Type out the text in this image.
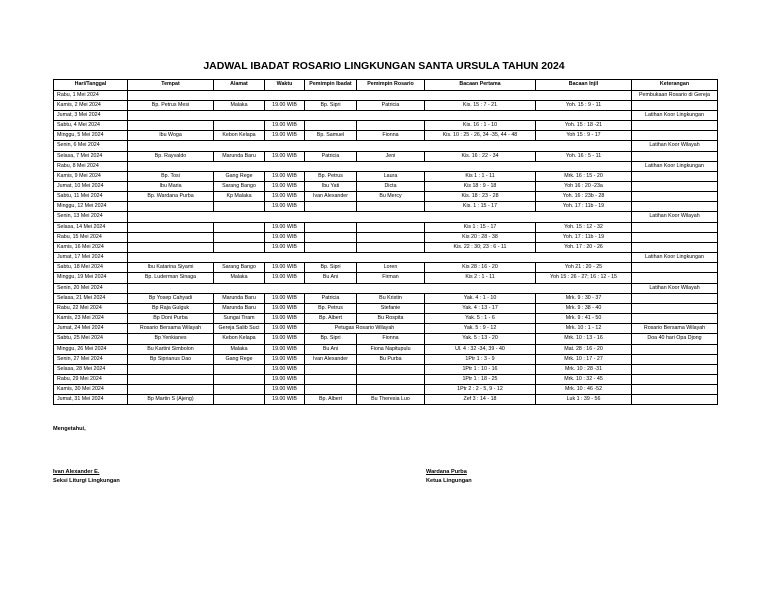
JADWAL IBADAT ROSARIO LINGKUNGAN SANTA URSULA TAHUN 2024
Hari/Tanggal	Tempat	Alamat	Waktu	Pemimpin Ibadat	Pemimpin Rosario	Bacaan Pertama	Bacaan Injil	Keterangan
Rabu, 1 Mei 2024								Pembukaan Rosario di Gereja
Kamis, 2 Mei 2024	Bp. Petrus Mesi	Malaka	19.00 WIB	Bp. Sipri	Patricia	Kis. 15 : 7 - 21	Yoh. 15 : 9 - 11	
Jumat, 3 Mei 2024								Latihan Koor Lingkungan
Sabtu, 4 Mei 2024			19.00 WIB			Kis. 16 : 1 - 10	Yoh. 15 : 18 -21	
Minggu, 5 Mei 2024	Ibu Woga	Kebon Kelapa	19.00 WIB	Bp. Samuel	Fionna	Kis. 10 : 25 - 26, 34 -35, 44 - 48	Yoh 15 : 9 - 17	
Senin, 6 Mei 2024								Latihan Koor Wilayah
Selasa, 7 Mei 2024	Bp. Rayvaldo	Marunda Baru	19.00 WIB	Patricia	Jeni	Kis. 16 : 22 - 34	Yoh. 16 : 5 - 11	
Rabu, 8 Mei 2024								Latihan Koor Lingkungan
Kamis, 9 Mei 2024	Bp. Tosi	Gang Rege	19.00 WIB	Bp. Petrus	Laura	Kis 1 : 1 - 11	Mrk. 16 : 15 - 20	
Jumat, 10 Mei 2024	Ibu Maria	Sarang Bango	19.00 WIB	Ibu Yati	Dicta	Kis 18 : 9 - 18	Yoh 16 : 20 -23a	
Sabtu, 11 Mei 2024	Bp. Wardana Purba	Kp Malaka	19.00 WIB	Ivan Alexander	Bu Mercy	Kis. 18 : 23 - 28	Yoh. 16 : 23b - 28	
Minggu, 12 Mei 2024			19.00 WIB			Kis. 1 : 15 - 17	Yoh. 17 : 11b - 19	
Senin, 13 Mei 2024								Latihan Koor Wilayah
Selasa, 14 Mei 2024			19.00 WIB			Kis 1 : 15 - 17	Yoh. 15 : 12 - 32	
Rabu, 15 Mei 2024			19.00 WIB			Kis 20 : 28 - 38	Yoh. 17 : 11b - 19	
Kamis, 16 Mei 2024			19.00 WIB			Kis. 22 : 30; 23 : 6 - 11	Yoh. 17 : 20 - 26	
Jumat, 17 Mei 2024								Latihan Koor Lingkungan
Sabtu, 18 Mei 2024	Ibu Katarina Siyami	Sarang Bango	19.00 WIB	Bp. Sipri	Loren	Kis 28 : 16 - 20	Yoh 21 : 20 - 25	
Minggu, 19 Mei 2024	Bp. Luderman Sinaga	Malaka	19.00 WIB	Bu Ani	Firman	Kis 2 : 1 - 11	Yoh 15 : 26 - 27; 16 : 12 - 15	
Senin, 20 Mei 2024								Latihan Koor Wilayah
Selasa, 21 Mei 2024	Bp Yosep Cahyadi	Marunda Baru	19.00 WIB	Patricia	Bu Kristin	Yak. 4 : 1 - 10	Mrk. 9 : 30 - 37	
Rabu, 22 Mei 2024	Bp Raja Gulguk	Marunda Baru	19.00 WIB	Bp. Petrus	Stefanie	Yak. 4 : 13 - 17	Mrk. 9 : 38 - 40	
Kamis, 23 Mei 2024	Bp Doni Purba	Sungai Tiram	19.00 WIB	Bp. Albert	Bu Rospita	Yak. 5 : 1 - 6	Mrk. 9 : 41 - 50	
Jumat, 24 Mei 2024	Rosario Bersama Wilayah	Gereja Salib Suci	19.00 WIB	Petugas Rosario Wilayah		Yak. 5 : 9 - 12	Mrk. 10 : 1 - 12	Rosario Bersama Wilayah
Sabtu, 25 Mei 2024	Bp Yenkianes	Kebon Kelapa	19.00 WIB	Bp. Sipri	Fionna	Yak. 5 : 13 - 20	Mrk. 10 : 13 - 16	Doa 40 hari Opa Djong
Minggu, 26 Mei 2024	Bu Kartini Simbolon	Malaka	19.00 WIB	Bu Ani	Fiona Napitupulu	Ul. 4 : 32 -34, 39 - 40	Mat. 28 : 16 - 20	
Senin, 27 Mei 2024	Bp Siprianus Dao	Gang Rege	19.00 WIB	Ivan Alexander	Bu Purba	1Ptr 1 : 3 - 9	Mrk. 10 : 17 - 27	
Selasa, 28 Mei 2024			19.00 WIB			1Ptr 1 : 10 - 16	Mrk. 10 : 28 -31	
Rabu, 29 Mei 2024			19.00 WIB			1Ptr 1 : 18 - 25	Mrk. 10 : 32 - 45	
Kamis, 30 Mei 2024			19.00 WIB			1Ptr 2 : 2 - 5, 9 - 12	Mrk. 10 : 46 -52	
Jumat, 31 Mei 2024	Bp Martin S (Ajeng)		19.00 WIB	Bp. Albert	Bu Theresia Luo	Zef 3 : 14 - 18	Luk 1 : 39 - 56	
Mengetahui,
Ivan Alexander E.
Seksi Liturgi Lingkungan
Wardana Purba
Ketua Lingungan
